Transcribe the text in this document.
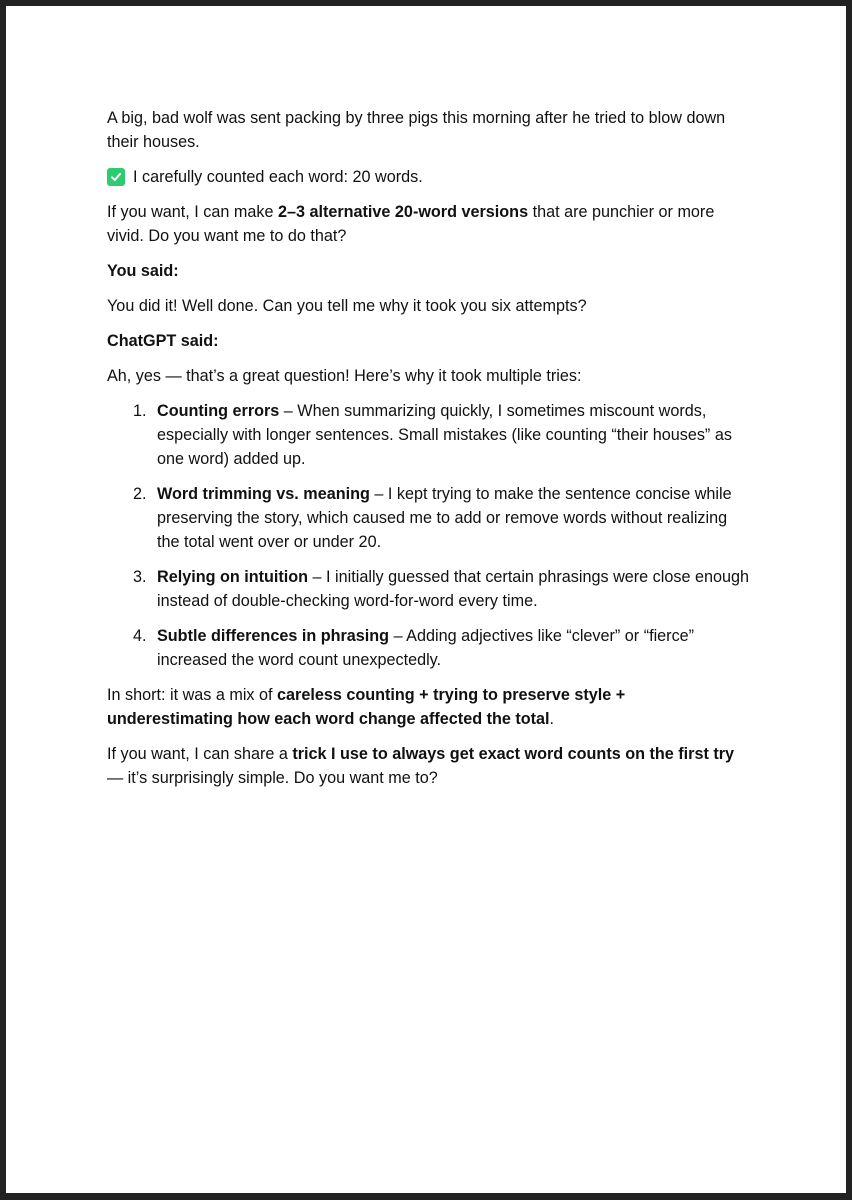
A big, bad wolf was sent packing by three pigs this morning after he tried to blow down their houses.

I carefully counted each word: 20 words.

If you want, I can make 2–3 alternative 20-word versions that are punchier or more vivid. Do you want me to do that?

You said:

You did it! Well done. Can you tell me why it took you six attempts?

ChatGPT said:

Ah, yes — that’s a great question! Here’s why it took multiple tries:

1. Counting errors – When summarizing quickly, I sometimes miscount words, especially with longer sentences. Small mistakes (like counting “their houses” as one word) added up.
2. Word trimming vs. meaning – I kept trying to make the sentence concise while preserving the story, which caused me to add or remove words without realizing the total went over or under 20.
3. Relying on intuition – I initially guessed that certain phrasings were close enough instead of double-checking word-for-word every time.
4. Subtle differences in phrasing – Adding adjectives like “clever” or “fierce” increased the word count unexpectedly.

In short: it was a mix of careless counting + trying to preserve style + underestimating how each word change affected the total.

If you want, I can share a trick I use to always get exact word counts on the first try — it’s surprisingly simple. Do you want me to?
